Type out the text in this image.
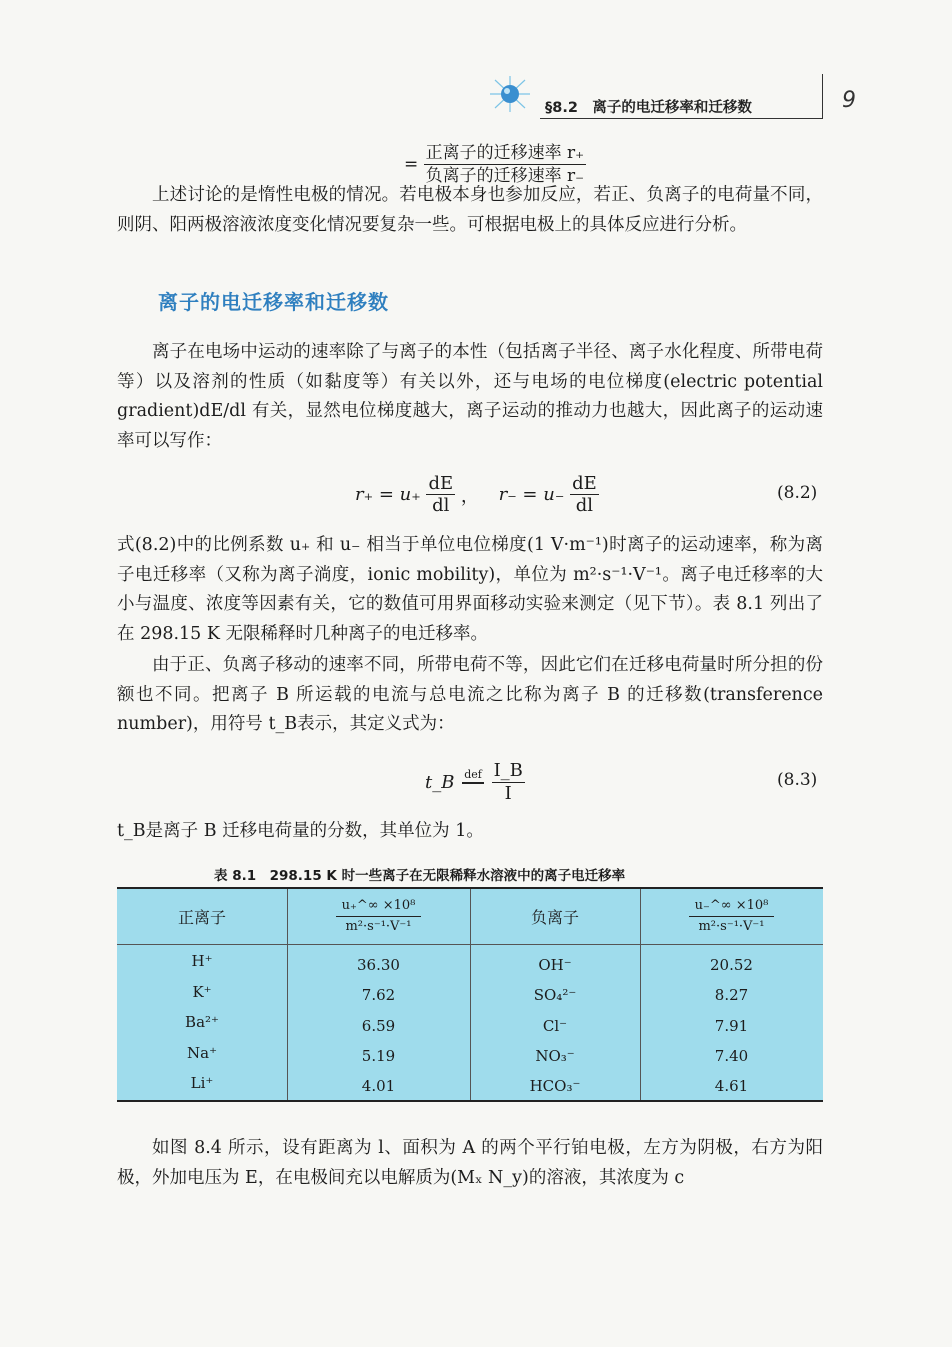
§8.2　离子的电迁移率和迁移数	9
= $\frac{\text{正离子的迁移速率 r₊}}{\text{负离子的迁移速率 r₋}}$
上述讨论的是惰性电极的情况。若电极本身也参加反应，若正、负离子的电荷量不同，则阴、阳两极溶液浓度变化情况要复杂一些。可根据电极上的具体反应进行分析。
离子的电迁移率和迁移数
离子在电场中运动的速率除了与离子的本性（包括离子半径、离子水化程度、所带电荷等）以及溶剂的性质（如黏度等）有关以外，还与电场的电位梯度(electric potential gradient)dE/dl 有关，显然电位梯度越大，离子运动的推动力也越大，因此离子的运动速率可以写作：
$r_+ = u_+ \frac{dE}{dl}$ ， $r_- = u_- \frac{dE}{dl}$	(8.2)
式(8.2)中的比例系数 u₊ 和 u₋ 相当于单位电位梯度(1 V·m⁻¹)时离子的运动速率，称为离子电迁移率（又称为离子淌度，ionic mobility)，单位为 m²·s⁻¹·V⁻¹。离子电迁移率的大小与温度、浓度等因素有关，它的数值可用界面移动实验来测定（见下节）。表 8.1 列出了在 298.15 K 无限稀释时几种离子的电迁移率。
由于正、负离子移动的速率不同，所带电荷不等，因此它们在迁移电荷量时所分担的份额也不同。把离子 B 所运载的电流与总电流之比称为离子 B 的迁移数(transference number)，用符号 t_B表示，其定义式为：
t_B def

$\frac{I\_B}{I}$	(8.3)
t_B是离子 B 迁移电荷量的分数，其单位为 1。
表 8.1　298.15 K 时一些离子在无限稀释水溶液中的离子电迁移率
正离子	$\frac{\text{u₊\textasciicircum{}∞ ×10⁸}}{\text{m²·s⁻¹·V⁻¹}}$	负离子	$\frac{\text{u₋\textasciicircum{}∞ ×10⁸}}{\text{m²·s⁻¹·V⁻¹}}$
H⁺	36.30	OH⁻	20.52
K⁺	7.62	SO₄²⁻	8.27
Ba²⁺	6.59	Cl⁻	7.91
Na⁺	5.19	NO₃⁻	7.40
Li⁺	4.01	HCO₃⁻	4.61
如图 8.4 所示，设有距离为 l、面积为 A 的两个平行铂电极，左方为阴极，右方为阳极，外加电压为 E，在电极间充以电解质为(Mₓ N_y)的溶液，其浓度为 c
